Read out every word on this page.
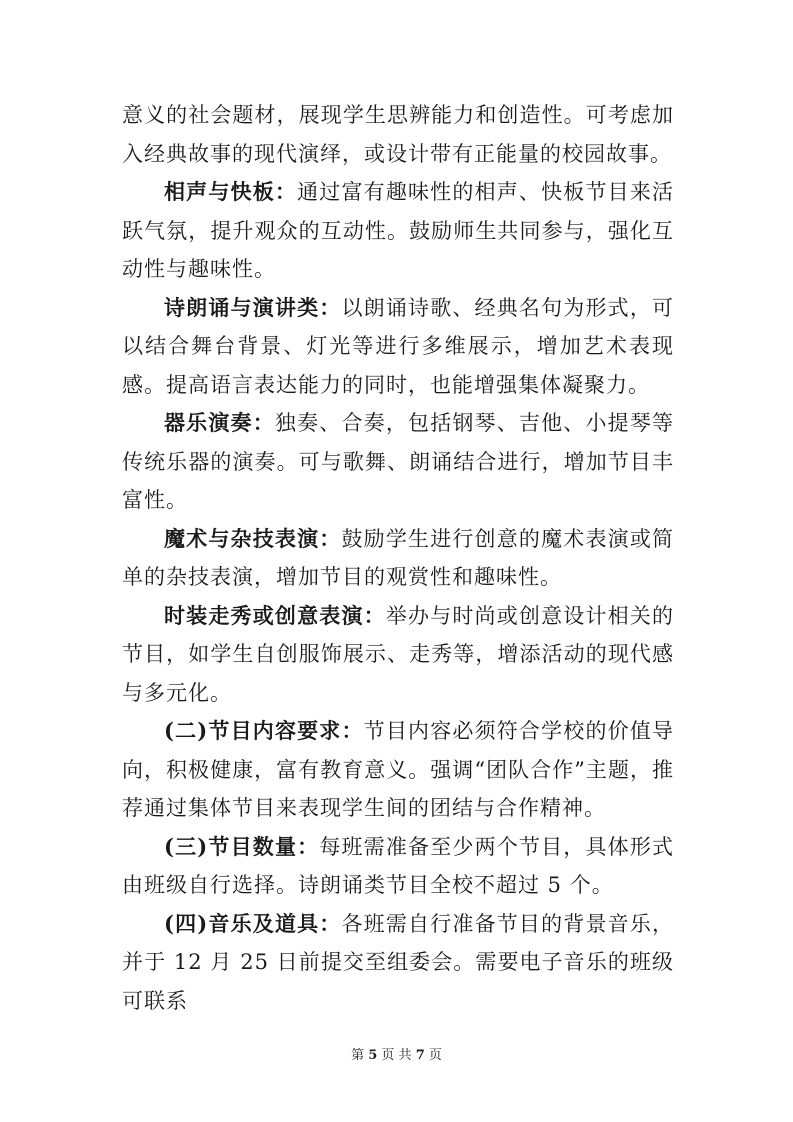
意义的社会题材，展现学生思辨能力和创造性。可考虑加入经典故事的现代演绎，或设计带有正能量的校园故事。

相声与快板：通过富有趣味性的相声、快板节目来活跃气氛，提升观众的互动性。鼓励师生共同参与，强化互动性与趣味性。

诗朗诵与演讲类：以朗诵诗歌、经典名句为形式，可以结合舞台背景、灯光等进行多维展示，增加艺术表现感。提高语言表达能力的同时，也能增强集体凝聚力。

器乐演奏：独奏、合奏，包括钢琴、吉他、小提琴等传统乐器的演奏。可与歌舞、朗诵结合进行，增加节目丰富性。

魔术与杂技表演：鼓励学生进行创意的魔术表演或简单的杂技表演，增加节目的观赏性和趣味性。

时装走秀或创意表演：举办与时尚或创意设计相关的节目，如学生自创服饰展示、走秀等，增添活动的现代感与多元化。

(二)节目内容要求：节目内容必须符合学校的价值导向，积极健康，富有教育意义。强调“团队合作”主题，推荐通过集体节目来表现学生间的团结与合作精神。

(三)节目数量：每班需准备至少两个节目，具体形式由班级自行选择。诗朗诵类节目全校不超过 5 个。

(四)音乐及道具：各班需自行准备节目的背景音乐，并于 12 月 25 日前提交至组委会。需要电子音乐的班级可联系

第 5 页 共 7 页
